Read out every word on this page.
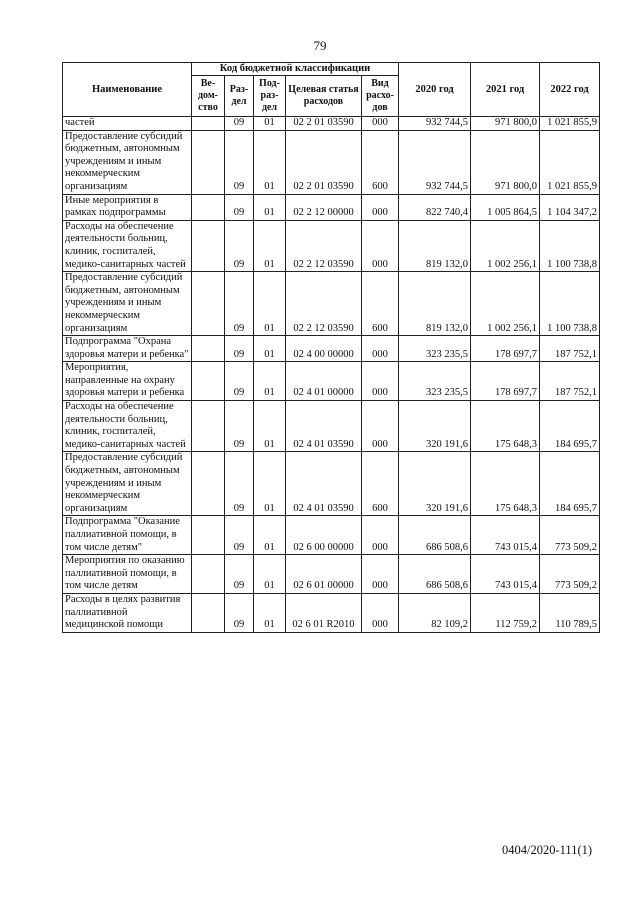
79
Наименование	Код бюджетной классификации					2020 год	2021 год	2022 год
	Ве-дом-ство	Раз-дел	Под-раз-дел	Целевая статья расходов	Вид расхо-дов			
частей		09	01	02 2 01 03590	000	932 744,5	971 800,0	1 021 855,9
Предоставление субсидий бюджетным, автономным учреждениям и иным некоммерческим организациям		09	01	02 2 01 03590	600	932 744,5	971 800,0	1 021 855,9
Иные мероприятия в рамках подпрограммы		09	01	02 2 12 00000	000	822 740,4	1 005 864,5	1 104 347,2
Расходы на обеспечение деятельности больниц, клиник, госпиталей, медико-санитарных частей		09	01	02 2 12 03590	000	819 132,0	1 002 256,1	1 100 738,8
Предоставление субсидий бюджетным, автономным учреждениям и иным некоммерческим организациям		09	01	02 2 12 03590	600	819 132,0	1 002 256,1	1 100 738,8
Подпрограмма "Охрана здоровья матери и ребенка"		09	01	02 4 00 00000	000	323 235,5	178 697,7	187 752,1
Мероприятия, направленные на охрану здоровья матери и ребенка		09	01	02 4 01 00000	000	323 235,5	178 697,7	187 752,1
Расходы на обеспечение деятельности больниц, клиник, госпиталей, медико-санитарных частей		09	01	02 4 01 03590	000	320 191,6	175 648,3	184 695,7
Предоставление субсидий бюджетным, автономным учреждениям и иным некоммерческим организациям		09	01	02 4 01 03590	600	320 191,6	175 648,3	184 695,7
Подпрограмма "Оказание паллиативной помощи, в том числе детям"		09	01	02 6 00 00000	000	686 508,6	743 015,4	773 509,2
Мероприятия по оказанию паллиативной помощи, в том числе детям		09	01	02 6 01 00000	000	686 508,6	743 015,4	773 509,2
Расходы в целях развития паллиативной медицинской помощи		09	01	02 6 01 R2010	000	82 109,2	112 759,2	110 789,5
0404/2020-111(1)
